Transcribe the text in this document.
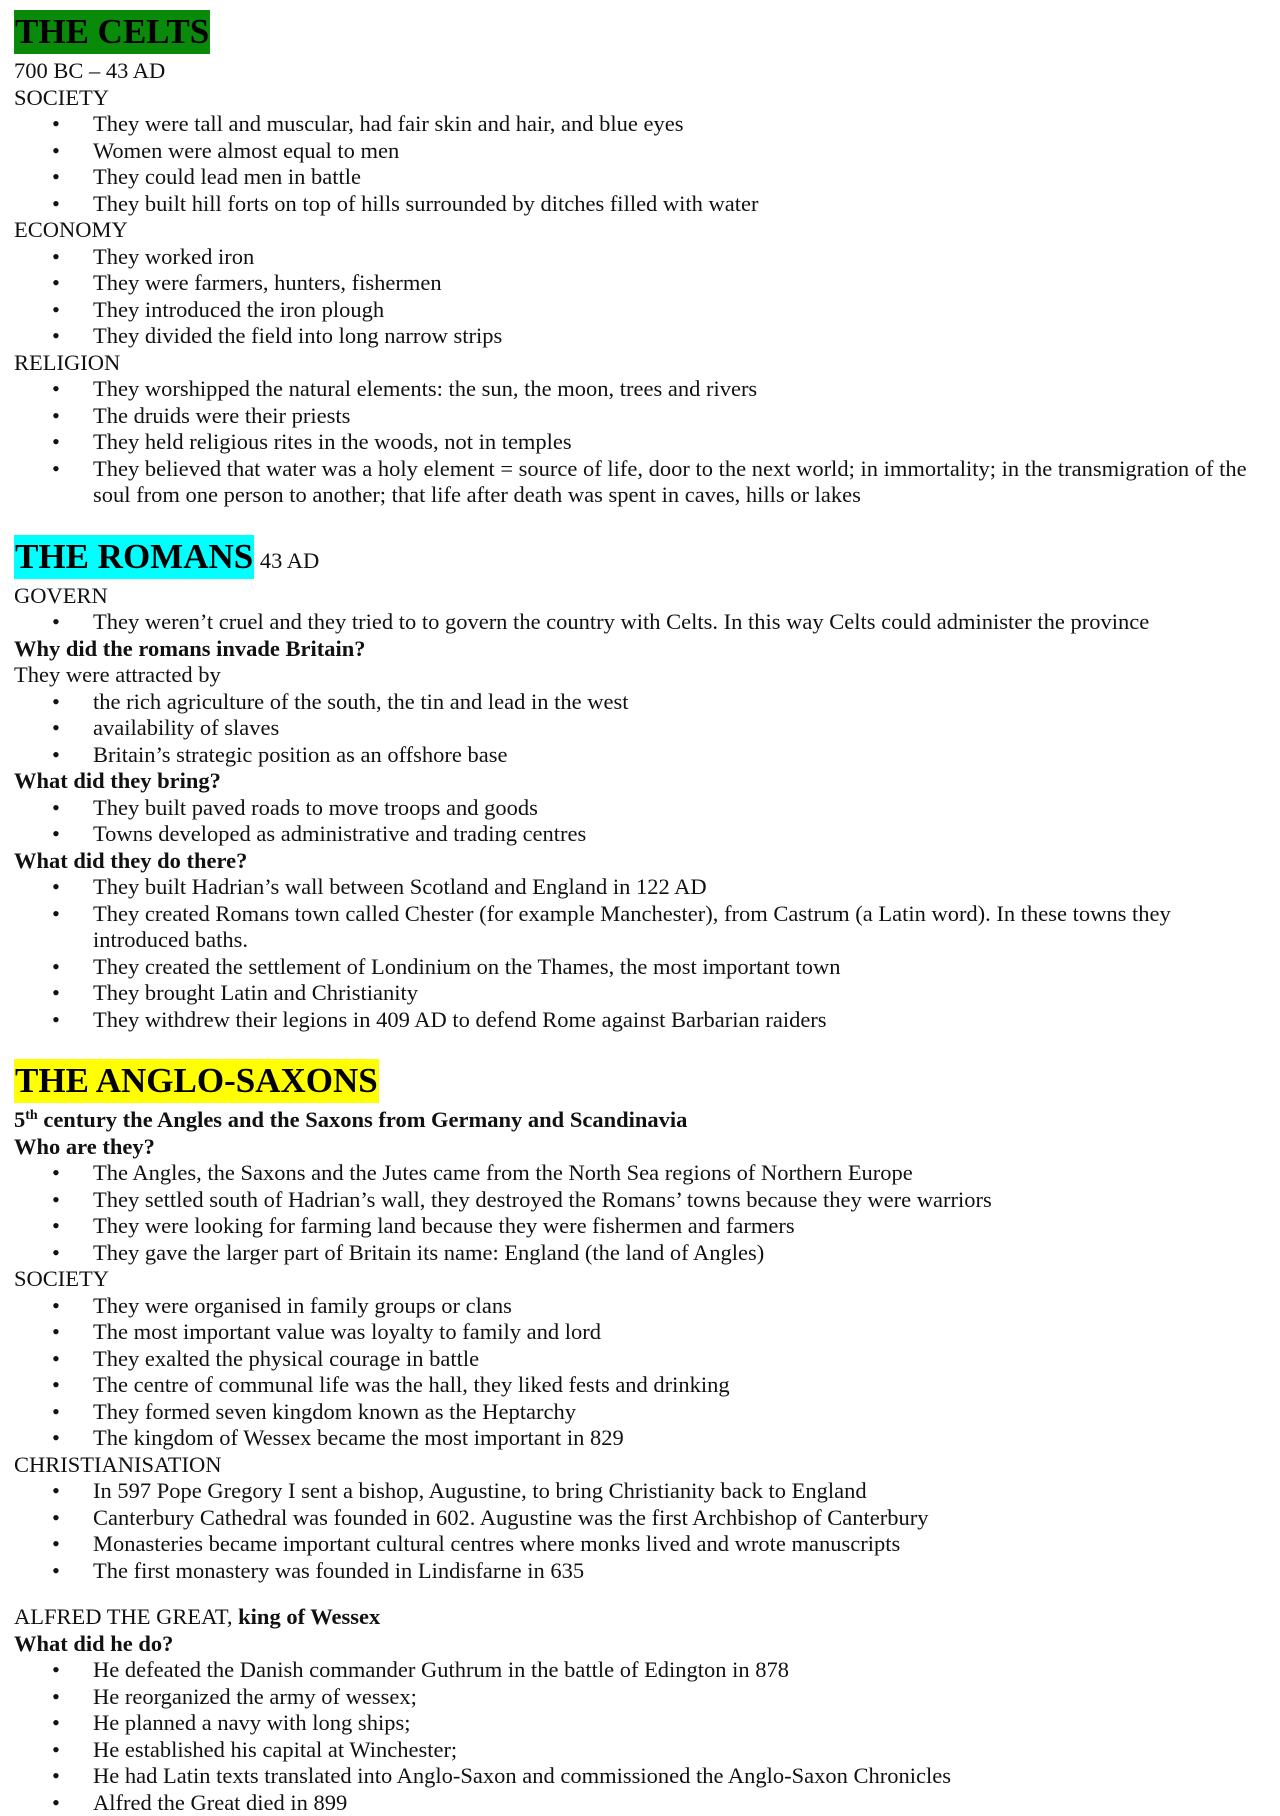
THE CELTS

700 BC – 43 AD

SOCIETY

• They were tall and muscular, had fair skin and hair, and blue eyes
• Women were almost equal to men
• They could lead men in battle
• They built hill forts on top of hills surrounded by ditches filled with water

ECONOMY

• They worked iron
• They were farmers, hunters, fishermen
• They introduced the iron plough
• They divided the field into long narrow strips

RELIGION

• They worshipped the natural elements: the sun, the moon, trees and rivers
• The druids were their priests
• They held religious rites in the woods, not in temples
• They believed that water was a holy element = source of life, door to the next world; in immortality; in the transmigration of the soul from one person to another; that life after death was spent in caves, hills or lakes
THE ROMANS 43 AD

GOVERN

• They weren’t cruel and they tried to to govern the country with Celts. In this way Celts could administer the province

Why did the romans invade Britain?

They were attracted by

• the rich agriculture of the south, the tin and lead in the west
• availability of slaves
• Britain’s strategic position as an offshore base

What did they bring?

• They built paved roads to move troops and goods
• Towns developed as administrative and trading centres

What did they do there?

• They built Hadrian’s wall between Scotland and England in 122 AD
• They created Romans town called Chester (for example Manchester), from Castrum (a Latin word). In these towns they introduced baths.
• They created the settlement of Londinium on the Thames, the most important town
• They brought Latin and Christianity
• They withdrew their legions in 409 AD to defend Rome against Barbarian raiders
THE ANGLO-SAXONS

5th century the Angles and the Saxons from Germany and Scandinavia

Who are they?

• The Angles, the Saxons and the Jutes came from the North Sea regions of Northern Europe
• They settled south of Hadrian’s wall, they destroyed the Romans’ towns because they were warriors
• They were looking for farming land because they were fishermen and farmers
• They gave the larger part of Britain its name: England (the land of Angles)

SOCIETY

• They were organised in family groups or clans
• The most important value was loyalty to family and lord
• They exalted the physical courage in battle
• The centre of communal life was the hall, they liked fests and drinking
• They formed seven kingdom known as the Heptarchy
• The kingdom of Wessex became the most important in 829

CHRISTIANISATION

• In 597 Pope Gregory I sent a bishop, Augustine, to bring Christianity back to England
• Canterbury Cathedral was founded in 602. Augustine was the first Archbishop of Canterbury
• Monasteries became important cultural centres where monks lived and wrote manuscripts
• The first monastery was founded in Lindisfarne in 635

ALFRED THE GREAT, king of Wessex

What did he do?

• He defeated the Danish commander Guthrum in the battle of Edington in 878
• He reorganized the army of wessex;
• He planned a navy with long ships;
• He established his capital at Winchester;
• He had Latin texts translated into Anglo-Saxon and commissioned the Anglo-Saxon Chronicles
• Alfred the Great died in 899
